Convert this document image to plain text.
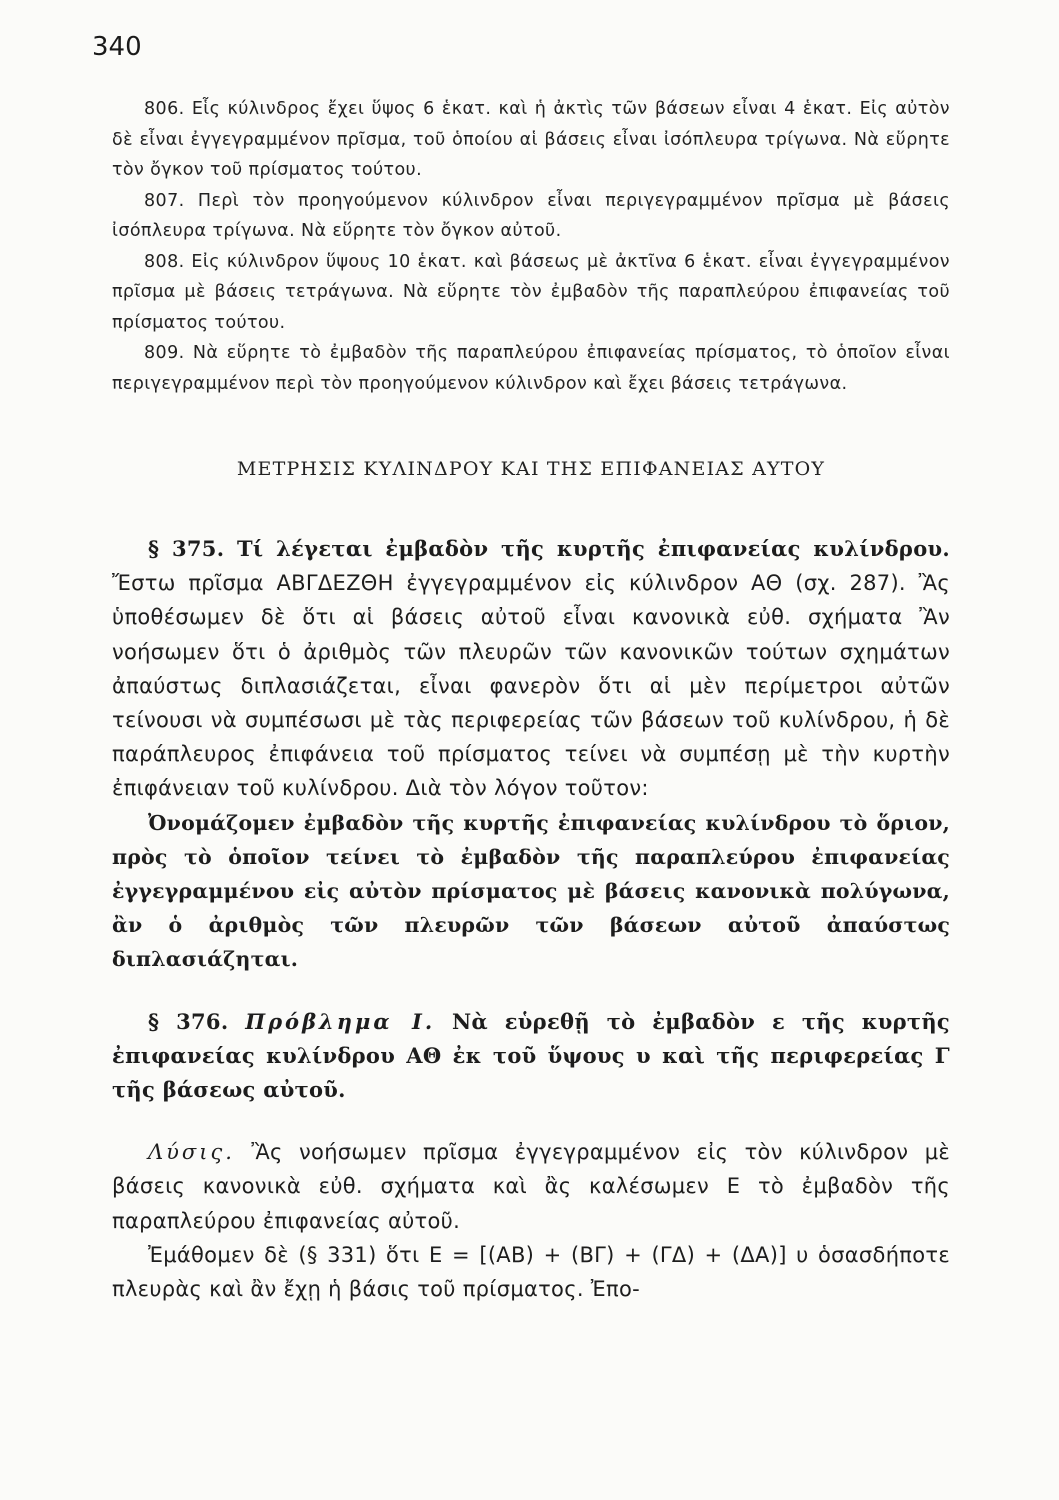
340

806. Εἷς κύλινδρος ἔχει ὕψος 6 ἑκατ. καὶ ἡ ἀκτὶς τῶν βάσεων εἶναι 4 ἑκατ. Εἰς αὐτὸν δὲ εἶναι ἐγγεγραμμένον πρῖσμα, τοῦ ὁποίου αἱ βάσεις εἶναι ἰσόπλευρα τρίγωνα. Νὰ εὕρητε τὸν ὄγκον τοῦ πρίσματος τούτου.

807. Περὶ τὸν προηγούμενον κύλινδρον εἶναι περιγεγραμμένον πρῖσμα μὲ βάσεις ἰσόπλευρα τρίγωνα. Νὰ εὕρητε τὸν ὄγκον αὐτοῦ.

808. Εἰς κύλινδρον ὕψους 10 ἑκατ. καὶ βάσεως μὲ ἀκτῖνα 6 ἑκατ. εἶναι ἐγγεγραμμένον πρῖσμα μὲ βάσεις τετράγωνα. Νὰ εὕρητε τὸν ἐμβαδὸν τῆς παραπλεύρου ἐπιφανείας τοῦ πρίσματος τούτου.

809. Νὰ εὕρητε τὸ ἐμβαδὸν τῆς παραπλεύρου ἐπιφανείας πρίσματος, τὸ ὁποῖον εἶναι περιγεγραμμένον περὶ τὸν προηγούμενον κύλινδρον καὶ ἔχει βάσεις τετράγωνα.

ΜΕΤΡΗΣΙΣ ΚΥΛΙΝΔΡΟΥ ΚΑΙ ΤΗΣ ΕΠΙΦΑΝΕΙΑΣ ΑΥΤΟΥ

§ 375. Τί λέγεται ἐμβαδὸν τῆς κυρτῆς ἐπιφανείας κυλίνδρου. Ἔστω πρῖσμα ΑΒΓΔΕΖΘΗ ἐγγεγραμμένον εἰς κύλινδρον ΑΘ (σχ. 287). Ἂς ὑποθέσωμεν δὲ ὅτι αἱ βάσεις αὐτοῦ εἶναι κανονικὰ εὐθ. σχήματα Ἂν νοήσωμεν ὅτι ὁ ἀριθμὸς τῶν πλευρῶν τῶν κανονικῶν τούτων σχημάτων ἀπαύστως διπλασιάζεται, εἶναι φανερὸν ὅτι αἱ μὲν περίμετροι αὐτῶν τείνουσι νὰ συμπέσωσι μὲ τὰς περιφερείας τῶν βάσεων τοῦ κυλίνδρου, ἡ δὲ παράπλευρος ἐπιφάνεια τοῦ πρίσματος τείνει νὰ συμπέσῃ μὲ τὴν κυρτὴν ἐπιφάνειαν τοῦ κυλίνδρου. Διὰ τὸν λόγον τοῦτον:

Ὀνομάζομεν ἐμβαδὸν τῆς κυρτῆς ἐπιφανείας κυλίνδρου τὸ ὅριον, πρὸς τὸ ὁποῖον τείνει τὸ ἐμβαδὸν τῆς παραπλεύρου ἐπιφανείας ἐγγεγραμμένου εἰς αὐτὸν πρίσματος μὲ βάσεις κανονικὰ πολύγωνα, ἂν ὁ ἀριθμὸς τῶν πλευρῶν τῶν βάσεων αὐτοῦ ἀπαύστως διπλασιάζηται.

§ 376. Πρόβλημα Ι. Νὰ εὑρεθῇ τὸ ἐμβαδὸν ε τῆς κυρτῆς ἐπιφανείας κυλίνδρου ΑΘ ἐκ τοῦ ὕψους υ καὶ τῆς περιφερείας Γ τῆς βάσεως αὐτοῦ.

Λύσις. Ἂς νοήσωμεν πρῖσμα ἐγγεγραμμένον εἰς τὸν κύλινδρον μὲ βάσεις κανονικὰ εὐθ. σχήματα καὶ ἂς καλέσωμεν Ε τὸ ἐμβαδὸν τῆς παραπλεύρου ἐπιφανείας αὐτοῦ.

Ἐμάθομεν δὲ (§ 331) ὅτι Ε = [(ΑΒ) + (ΒΓ) + (ΓΔ) + (ΔΑ)] υ ὁσασδήποτε πλευρὰς καὶ ἂν ἔχῃ ἡ βάσις τοῦ πρίσματος. Ἐπο-
